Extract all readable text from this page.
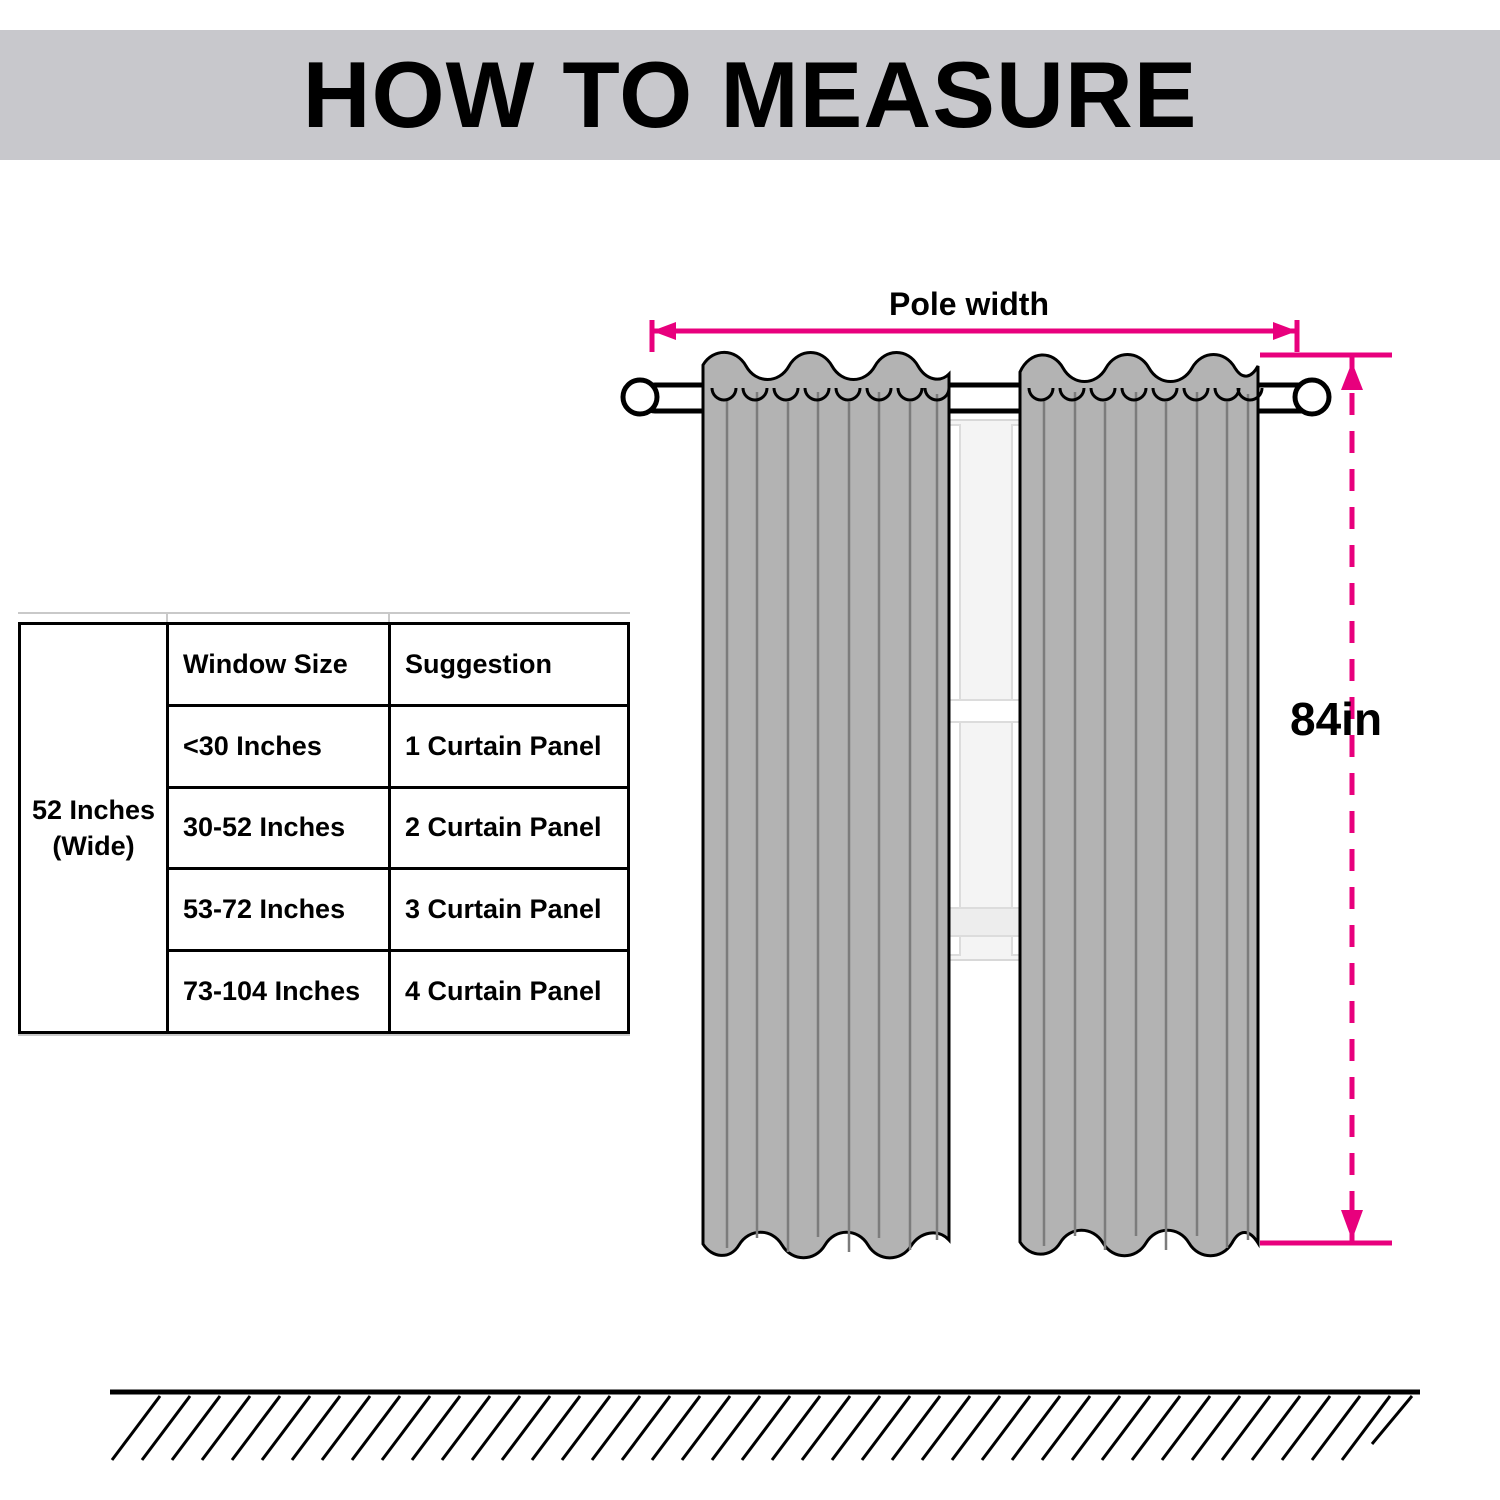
HOW TO MEASURE
52 Inches
(Wide)
Window Size	Suggestion
<30 Inches	1 Curtain Panel
30-52 Inches	2 Curtain Panel
53-72 Inches	3 Curtain Panel
73-104 Inches	4 Curtain Panel
Pole width
84in
